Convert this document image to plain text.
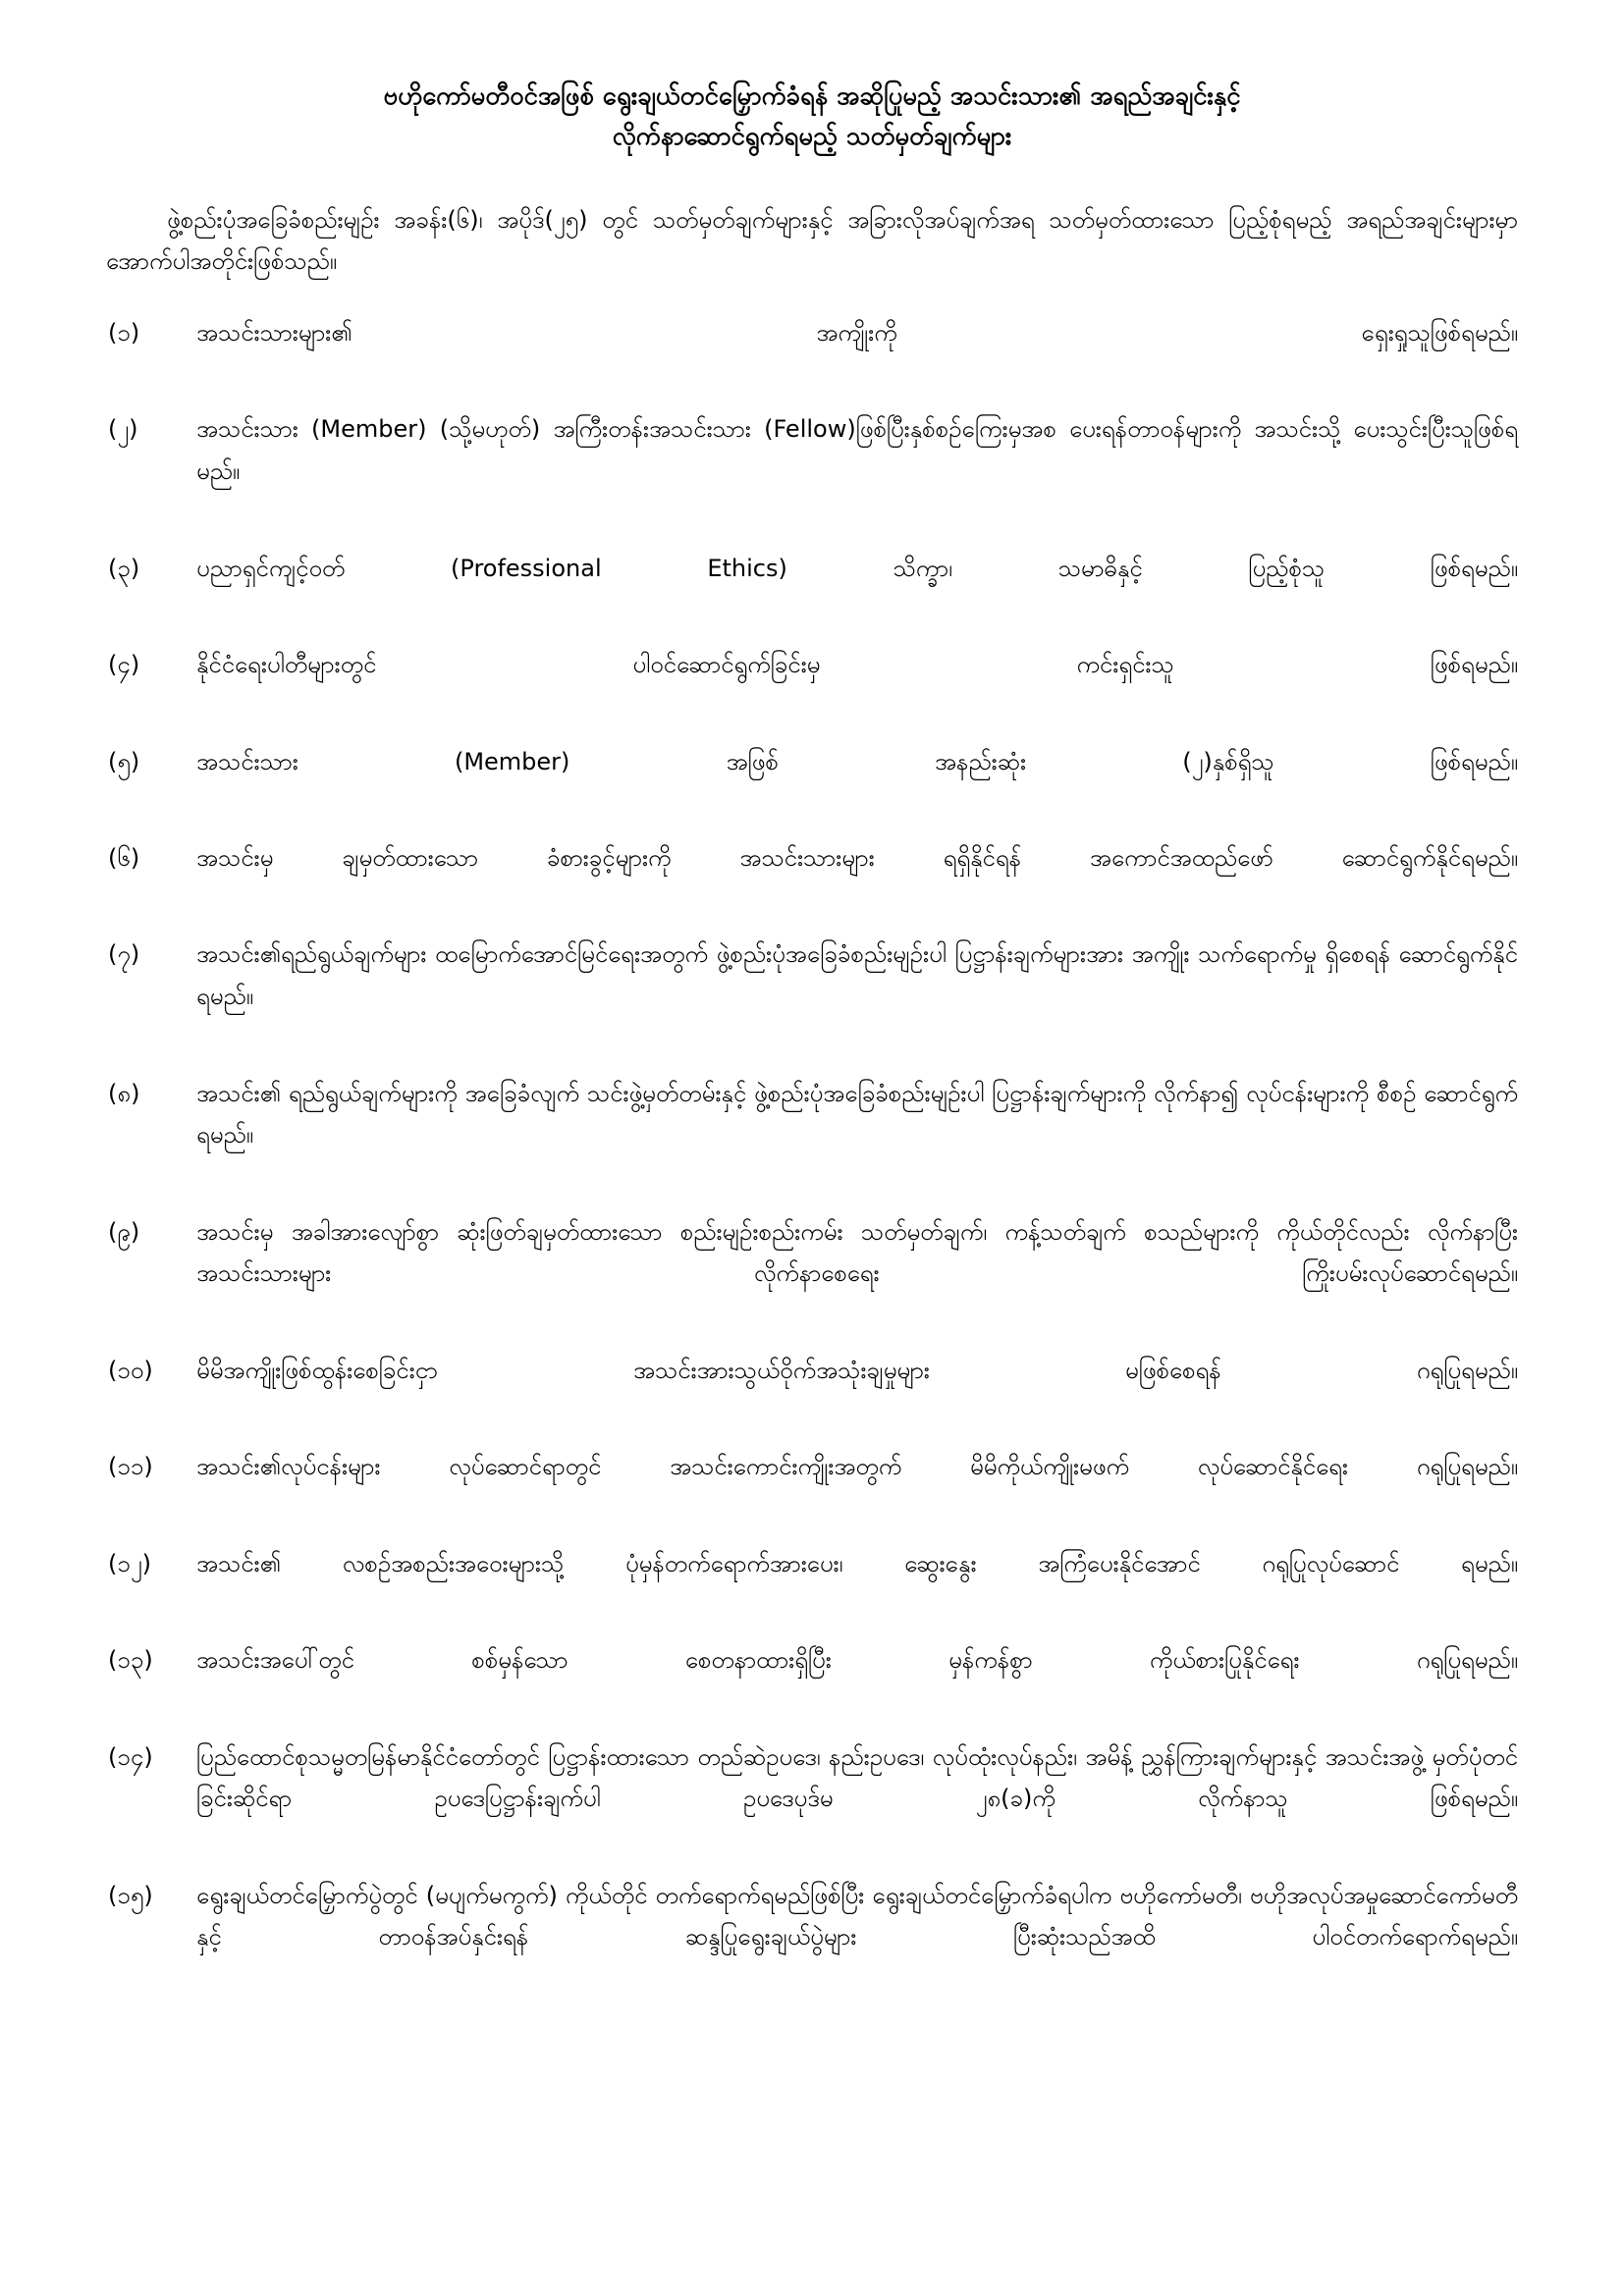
ဗဟိုကော်မတီဝင်အဖြစ် ရွေးချယ်တင်မြှောက်ခံရန် အဆိုပြုမည့် အသင်းသား၏ အရည်အချင်းနှင့်
လိုက်နာဆောင်ရွက်ရမည့် သတ်မှတ်ချက်များ

ဖွဲ့စည်းပုံအခြေခံစည်းမျဉ်း အခန်း(၆)၊ အပိုဒ်(၂၅) တွင် သတ်မှတ်ချက်များနှင့် အခြားလိုအပ်ချက်အရ သတ်မှတ်ထားသော ပြည့်စုံရမည့် အရည်အချင်းများမှာ အောက်ပါအတိုင်းဖြစ်သည်။

(၁)	အသင်းသားများ၏ အကျိုးကို ရှေးရှုသူဖြစ်ရမည်။
(၂)	အသင်းသား (Member) (သို့မဟုတ်) အကြီးတန်းအသင်းသား (Fellow)ဖြစ်ပြီးနှစ်စဉ်ကြေးမှအစ ပေးရန်တာဝန်များကို အသင်းသို့ ပေးသွင်းပြီးသူဖြစ်ရမည်။
(၃)	ပညာရှင်ကျင့်ဝတ် (Professional Ethics) သိက္ခာ၊ သမာဓိနှင့် ပြည့်စုံသူ ဖြစ်ရမည်။
(၄)	နိုင်ငံရေးပါတီများတွင် ပါဝင်ဆောင်ရွက်ခြင်းမှ ကင်းရှင်းသူ ဖြစ်ရမည်။
(၅)	အသင်းသား (Member) အဖြစ် အနည်းဆုံး (၂)နှစ်ရှိသူ ဖြစ်ရမည်။
(၆)	အသင်းမှ ချမှတ်ထားသော ခံစားခွင့်များကို အသင်းသားများ ရရှိနိုင်ရန် အကောင်အထည်ဖော် ဆောင်ရွက်နိုင်ရမည်။
(၇)	အသင်း၏ရည်ရွယ်ချက်များ ထမြောက်အောင်မြင်ရေးအတွက် ဖွဲ့စည်းပုံအခြေခံစည်းမျဉ်းပါ ပြဋ္ဌာန်းချက်များအား အကျိုး သက်ရောက်မှု ရှိစေရန် ဆောင်ရွက်နိုင်ရမည်။
(၈)	အသင်း၏ ရည်ရွယ်ချက်များကို အခြေခံလျက် သင်းဖွဲ့မှတ်တမ်းနှင့် ဖွဲ့စည်းပုံအခြေခံစည်းမျဉ်းပါ ပြဋ္ဌာန်းချက်များကို လိုက်နာ၍ လုပ်ငန်းများကို စီစဉ် ဆောင်ရွက်ရမည်။
(၉)	အသင်းမှ အခါအားလျော်စွာ ဆုံးဖြတ်ချမှတ်ထားသော စည်းမျဉ်းစည်းကမ်း သတ်မှတ်ချက်၊ ကန့်သတ်ချက် စသည်များကို ကိုယ်တိုင်လည်း လိုက်နာပြီး အသင်းသားများ လိုက်နာစေရေး ကြိုးပမ်းလုပ်ဆောင်ရမည်။
(၁၀)	မိမိအကျိုးဖြစ်ထွန်းစေခြင်းငှာ အသင်းအားသွယ်ဝိုက်အသုံးချမှုများ မဖြစ်စေရန် ဂရုပြုရမည်။
(၁၁)	အသင်း၏လုပ်ငန်းများ လုပ်ဆောင်ရာတွင် အသင်းကောင်းကျိုးအတွက် မိမိကိုယ်ကျိုးမဖက် လုပ်ဆောင်နိုင်ရေး ဂရုပြုရမည်။
(၁၂)	အသင်း၏ လစဉ်အစည်းအဝေးများသို့ ပုံမှန်တက်ရောက်အားပေး၊ ဆွေးနွေး အကြံပေးနိုင်အောင် ဂရုပြုလုပ်ဆောင် ရမည်။
(၁၃)	အသင်းအပေါ်တွင် စစ်မှန်သော စေတနာထားရှိပြီး မှန်ကန်စွာ ကိုယ်စားပြုနိုင်ရေး ဂရုပြုရမည်။
(၁၄)	ပြည်ထောင်စုသမ္မတမြန်မာနိုင်ငံတော်တွင် ပြဋ္ဌာန်းထားသော တည်ဆဲဥပဒေ၊ နည်းဥပဒေ၊ လုပ်ထုံးလုပ်နည်း၊ အမိန့် ညွှန်ကြားချက်များနှင့် အသင်းအဖွဲ့ မှတ်ပုံတင်ခြင်းဆိုင်ရာ ဥပဒေပြဋ္ဌာန်းချက်ပါ ဥပဒေပုဒ်မ ၂၈(ခ)ကို လိုက်နာသူ ဖြစ်ရမည်။
(၁၅)	ရွေးချယ်တင်မြှောက်ပွဲတွင် (မပျက်မကွက်) ကိုယ်တိုင် တက်ရောက်ရမည်ဖြစ်ပြီး ရွေးချယ်တင်မြှောက်ခံရပါက ဗဟိုကော်မတီ၊ ဗဟိုအလုပ်အမှုဆောင်ကော်မတီနှင့် တာဝန်အပ်နှင်းရန် ဆန္ဒပြုရွေးချယ်ပွဲများ ပြီးဆုံးသည်အထိ ပါဝင်တက်ရောက်ရမည်။
